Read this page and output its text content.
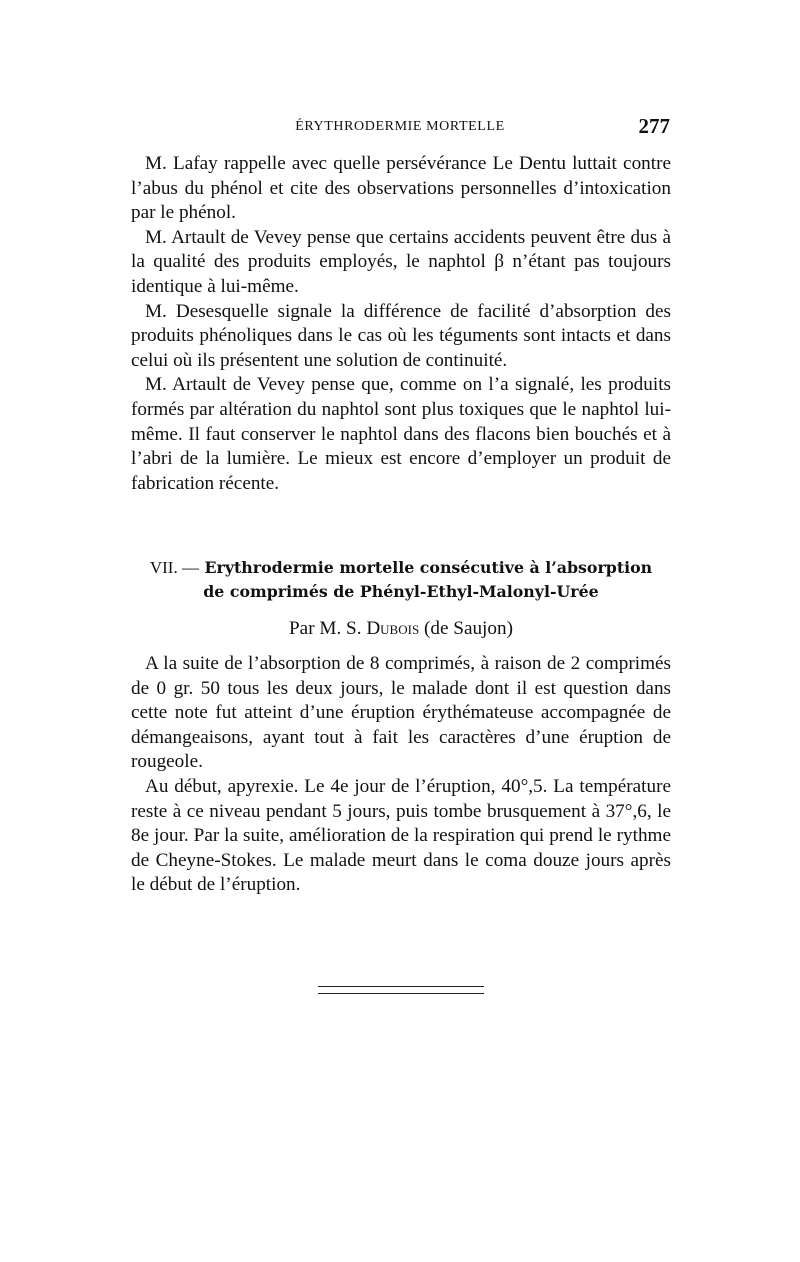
ÉRYTHRODERMIE MORTELLE	277

M. Lafay rappelle avec quelle persévérance Le Dentu luttait contre l’abus du phénol et cite des observations personnelles d’intoxication par le phénol.

M. Artault de Vevey pense que certains accidents peuvent être dus à la qualité des produits employés, le naphtol β n’étant pas toujours identique à lui-même.

M. Desesquelle signale la différence de facilité d’absorption des produits phénoliques dans le cas où les téguments sont intacts et dans celui où ils présentent une solution de continuité.

M. Artault de Vevey pense que, comme on l’a signalé, les produits formés par altération du naphtol sont plus toxiques que le naphtol lui-même. Il faut conserver le naphtol dans des flacons bien bouchés et à l’abri de la lumière. Le mieux est encore d’employer un produit de fabrication récente.

VII. — Erythrodermie mortelle consécutive à l’absorption
de comprimés de Phényl-Ethyl-Malonyl-Urée
Par M. S. Dubois (de Saujon)

A la suite de l’absorption de 8 comprimés, à raison de 2 comprimés de 0 gr. 50 tous les deux jours, le malade dont il est question dans cette note fut atteint d’une éruption érythémateuse accompagnée de démangeaisons, ayant tout à fait les caractères d’une éruption de rougeole.

Au début, apyrexie. Le 4e jour de l’éruption, 40°,5. La température reste à ce niveau pendant 5 jours, puis tombe brusquement à 37°,6, le 8e jour. Par la suite, amélioration de la respiration qui prend le rythme de Cheyne-Stokes. Le malade meurt dans le coma douze jours après le début de l’éruption.
